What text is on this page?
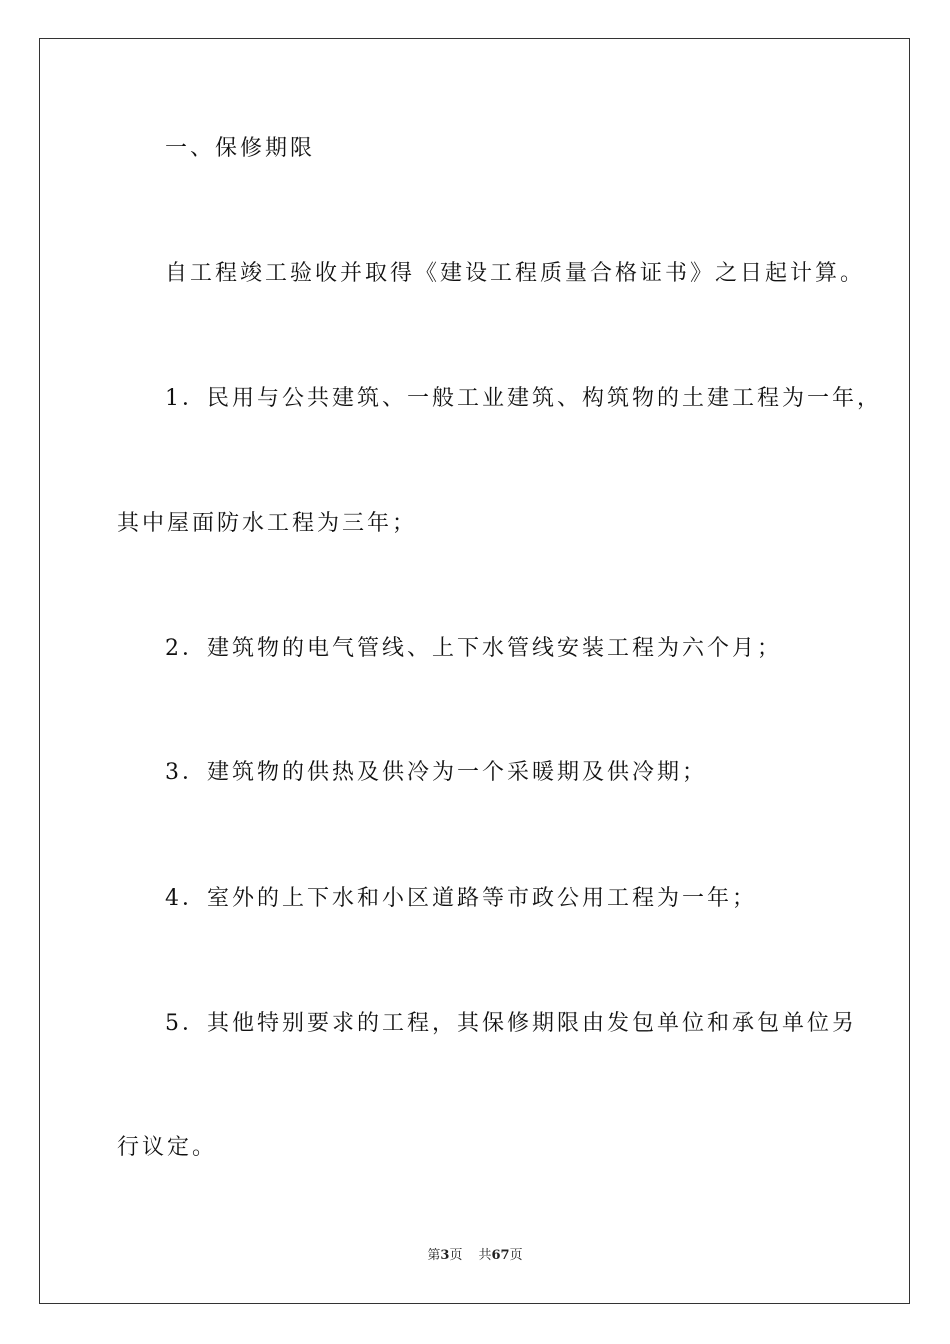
一、保修期限
自工程竣工验收并取得《建设工程质量合格证书》之日起计算。
1．民用与公共建筑、一般工业建筑、构筑物的土建工程为一年，
其中屋面防水工程为三年；
2．建筑物的电气管线、上下水管线安装工程为六个月；
3．建筑物的供热及供冷为一个采暖期及供冷期；
4．室外的上下水和小区道路等市政公用工程为一年；
5．其他特别要求的工程，其保修期限由发包单位和承包单位另
行议定。
第3页 共67页
